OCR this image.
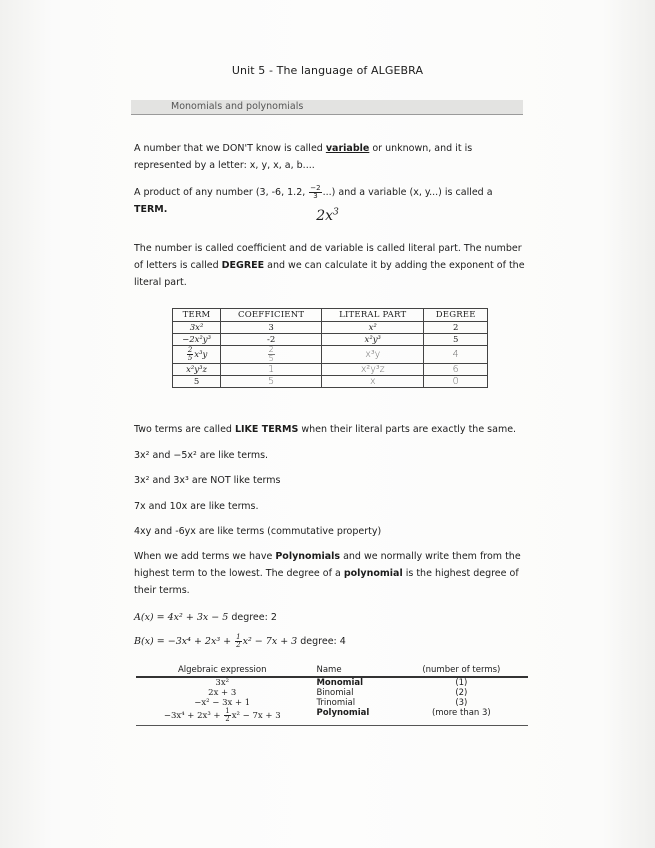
Unit 5 - The language of ALGEBRA
Monomials and polynomials
A number that we DON'T know is called variable or unknown, and it is represented by a letter: x, y, x, a, b....
A product of any number (3, -6, 1.2, $\frac{-2}{3}$ ...) and a variable (x, y...) is called a TERM.	$2x^3$
The number is called coefficient and de variable is called literal part. The number of letters is called DEGREE and we can calculate it by adding the exponent of the literal part.
TERM	COEFFICIENT	LITERAL PART	DEGREE
3x²	3	x²	2
−2x²y³	-2	x²y³	5

$\frac{2}{5} x^3y$	$\frac{2}{5}$	x³y	4
x²y³z	1	x²y³z	6
5	5	x	0
Two terms are called LIKE TERMS when their literal parts are exactly the same.
3x² and −5x² are like terms.
3x² and 3x³ are NOT like terms
7x and 10x are like terms.
4xy and -6yx are like terms (commutative property)
When we add terms we have Polynomials and we normally write them from the highest term to the lowest. The degree of a polynomial is the highest degree of their terms.
A(x) = 4x² + 3x − 5 degree: 2
$B(x) = -3x^4 + 2x^3 + \frac{1}{2} x^2 - 7x + 3$ degree: 4
Algebraic expression	Name	(number of terms)
3x²	Monomial	(1)
2x + 3	Binomial	(2)
−x² − 3x + 1	Trinomial	(3)
$-3x^4 + 2x^3 + \frac{1}{2} x^2 - 7x + 3$	Polynomial	(more than 3)
